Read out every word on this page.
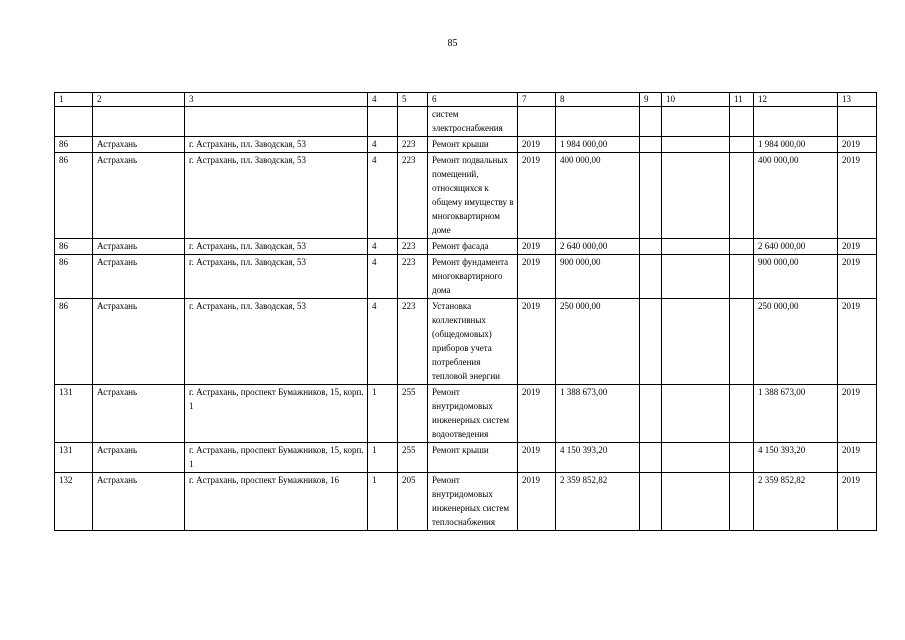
85
1	2	3	4	5	6	7	8	9	10	11	12	13
					систем электроснабжения							
86	Астрахань	г. Астрахань, пл. Заводская, 53	4	223	Ремонт крыши	2019	1 984 000,00				1 984 000,00	2019
86	Астрахань	г. Астрахань, пл. Заводская, 53	4	223	Ремонт подвальных помещений, относящихся к общему имуществу в многоквартирном доме	2019	400 000,00				400 000,00	2019
86	Астрахань	г. Астрахань, пл. Заводская, 53	4	223	Ремонт фасада	2019	2 640 000,00				2 640 000,00	2019
86	Астрахань	г. Астрахань, пл. Заводская, 53	4	223	Ремонт фундамента многоквартирного дома	2019	900 000,00				900 000,00	2019
86	Астрахань	г. Астрахань, пл. Заводская, 53	4	223	Установка коллективных (общедомовых) приборов учета потребления тепловой энергии	2019	250 000,00				250 000,00	2019
131	Астрахань	г. Астрахань, проспект Бумажников, 15, корп. 1	1	255	Ремонт внутридомовых инженерных систем водоотведения	2019	1 388 673,00				1 388 673,00	2019
131	Астрахань	г. Астрахань, проспект Бумажников, 15, корп. 1	1	255	Ремонт крыши	2019	4 150 393,20				4 150 393,20	2019
132	Астрахань	г. Астрахань, проспект Бумажников, 16	1	205	Ремонт внутридомовых инженерных систем теплоснабжения	2019	2 359 852,82				2 359 852,82	2019
